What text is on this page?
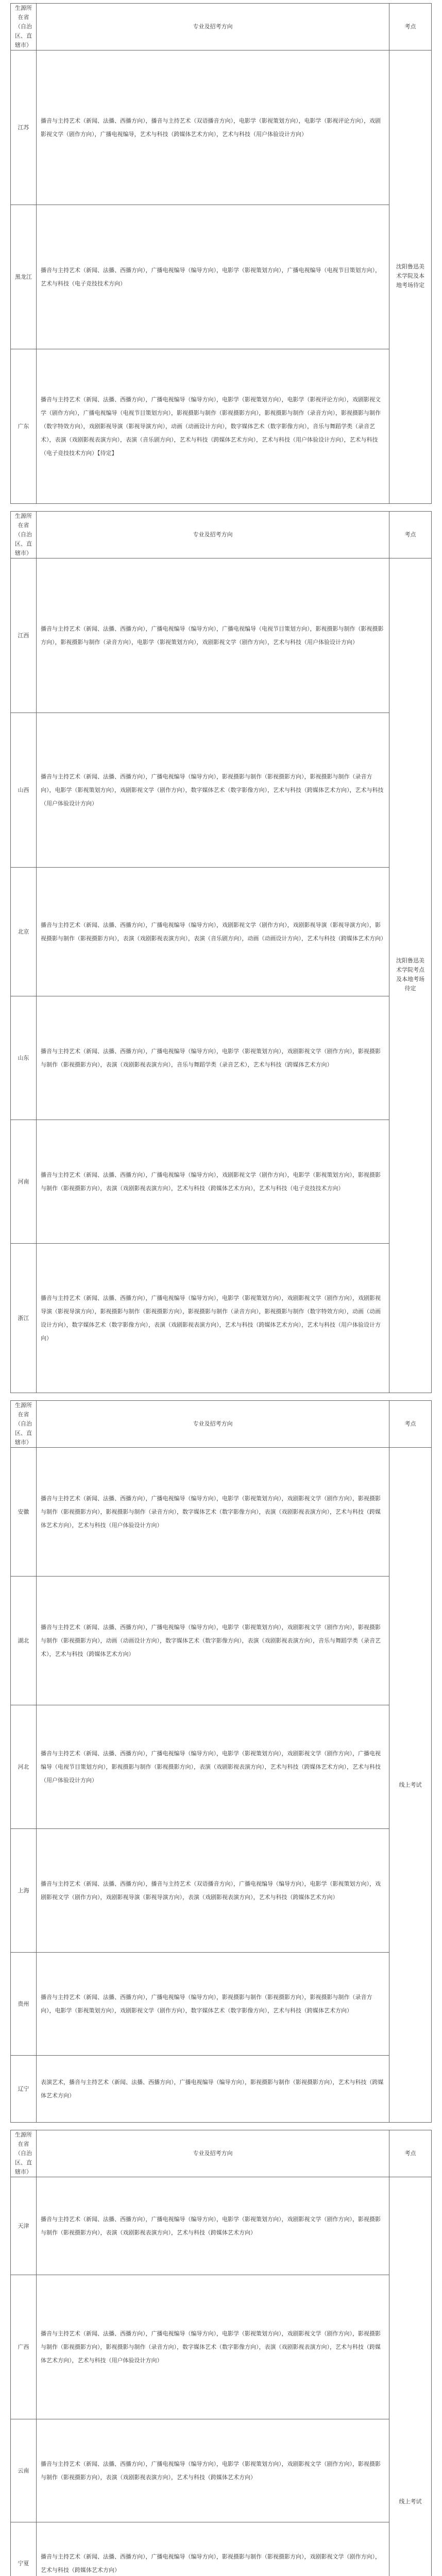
生源所在省（自治区、直辖市）	专业及招考方向	考点
江苏	播音与主持艺术（新闻、法播、西播方向），播音与主持艺术（双语播音方向），电影学（影视策划方向），电影学（影视评论方向），戏剧影视文学（剧作方向），广播电视编导，艺术与科技（跨媒体艺术方向），艺术与科技（用户体验设计方向）	沈阳鲁迅美术学院及本地考场待定
黑龙江	播音与主持艺术（新闻、法播、西播方向），广播电视编导（编导方向），电影学（影视策划方向），广播电视编导（电视节目策划方向），艺术与科技（电子竞技技术方向）	
广东	播音与主持艺术（新闻、法播、西播方向），广播电视编导（编导方向），电影学（影视策划方向），电影学（影视评论方向），戏剧影视文学（剧作方向），广播电视编导（电视节目策划方向），影视摄影与制作（影视摄影方向），影视摄影与制作（录音方向），影视摄影与制作（数字特效方向），戏剧影视导演（影视导演方向），动画（动画设计方向），数字媒体艺术（数字影像方向），音乐与舞蹈学类（录音艺术），表演（戏剧影视表演方向），表演（音乐剧方向），艺术与科技（跨媒体艺术方向），艺术与科技（用户体验设计方向），艺术与科技（电子竞技技术方向）【待定】	
生源所在省（自治区、直辖市）	专业及招考方向	考点
江西	播音与主持艺术（新闻、法播、西播方向），广播电视编导（编导方向），广播电视编导（电视节目策划方向），影视摄影与制作（影视摄影方向），影视摄影与制作（录音方向），电影学（影视策划方向），戏剧影视文学（剧作方向），艺术与科技（用户体验设计方向）	沈阳鲁迅美术学院考点及本地考场待定
山西	播音与主持艺术（新闻、法播、西播方向），广播电视编导（编导方向），影视摄影与制作（影视摄影方向），影视摄影与制作（录音方向），电影学（影视策划方向），戏剧影视文学（剧作方向），数字媒体艺术（数字影像方向），艺术与科技（跨媒体艺术方向），艺术与科技（用户体验设计方向）	
北京	播音与主持艺术（新闻、法播、西播方向），广播电视编导（编导方向），戏剧影视文学（剧作方向），戏剧影视导演（影视导演方向），影视摄影与制作（影视摄影方向），表演（戏剧影视表演方向），表演（音乐剧方向），动画（动画设计方向），艺术与科技（跨媒体艺术方向）	
山东	播音与主持艺术（新闻、法播、西播方向），广播电视编导（编导方向），电影学（影视策划方向），戏剧影视文学（剧作方向），影视摄影与制作（影视摄影方向），表演（戏剧影视表演方向），音乐与舞蹈学类（录音艺术），艺术与科技（跨媒体艺术方向）	
河南	播音与主持艺术（新闻、法播、西播方向），广播电视编导（编导方向），戏剧影视文学（剧作方向），电影学（影视策划方向），影视摄影与制作（影视摄影方向），表演（戏剧影视表演方向），艺术与科技（跨媒体艺术方向），艺术与科技（电子竞技技术方向）	
浙江	播音与主持艺术（新闻、法播、西播方向），广播电视编导（编导方向），电影学（影视策划方向），戏剧影视文学（剧作方向），戏剧影视导演（影视导演方向），影视摄影与制作（影视摄影方向），影视摄影与制作（录音方向），影视摄影与制作（数字特效方向），动画（动画设计方向），数字媒体艺术（数字影像方向），表演（戏剧影视表演方向），艺术与科技（跨媒体艺术方向），艺术与科技（用户体验设计方向）	
生源所在省（自治区、直辖市）	专业及招考方向	考点
安徽	播音与主持艺术（新闻、法播、西播方向），广播电视编导（编导方向），电影学（影视策划方向），戏剧影视文学（剧作方向），影视摄影与制作（影视摄影方向），影视摄影与制作（录音方向），数字媒体艺术（数字影像方向），表演（戏剧影视表演方向），艺术与科技（跨媒体艺术方向），艺术与科技（用户体验设计方向）	线上考试
湖北	播音与主持艺术（新闻、法播、西播方向），广播电视编导（编导方向），电影学（影视策划方向），戏剧影视文学（剧作方向），影视摄影与制作（影视摄影方向），动画（动画设计方向），数字媒体艺术（数字影像方向），表演（戏剧影视表演方向），音乐与舞蹈学类（录音艺术），艺术与科技（跨媒体艺术方向）	
河北	播音与主持艺术（新闻、法播、西播方向），广播电视编导（编导方向），电影学（影视策划方向），戏剧影视文学（剧作方向），广播电视编导（电视节目策划方向），影视摄影与制作（影视摄影方向），表演（戏剧影视表演方向），艺术与科技（跨媒体艺术方向），艺术与科技（用户体验设计方向）	
上海	播音与主持艺术（新闻、法播、西播方向），播音与主持艺术（双语播音方向），广播电视编导（编导方向），电影学（影视策划方向），戏剧影视文学（剧作方向），戏剧影视导演（影视导演方向），表演（戏剧影视表演方向），艺术与科技（跨媒体艺术方向）	
贵州	播音与主持艺术（新闻、法播、西播方向），广播电视编导（编导方向），影视摄影与制作（影视摄影方向），影视摄影与制作（录音方向），电影学（影视策划方向），戏剧影视文学（剧作方向），数字媒体艺术（数字影像方向），艺术与科技（跨媒体艺术方向）	
辽宁	表演艺术，播音与主持艺术（新闻、法播、西播方向），广播电视编导（编导方向），影视摄影与制作（影视摄影方向），艺术与科技（跨媒体艺术方向）	
生源所在省（自治区、直辖市）	专业及招考方向	考点
天津	播音与主持艺术（新闻、法播、西播方向），广播电视编导（编导方向），电影学（影视策划方向），戏剧影视文学（剧作方向），影视摄影与制作（影视摄影方向），表演（戏剧影视表演方向），艺术与科技（跨媒体艺术方向）	线上考试
广西	播音与主持艺术（新闻、法播、西播方向），广播电视编导（编导方向），电影学（影视策划方向），戏剧影视文学（剧作方向），影视摄影与制作（影视摄影方向），影视摄影与制作（录音方向），数字媒体艺术（数字影像方向），表演（戏剧影视表演方向），艺术与科技（跨媒体艺术方向），艺术与科技（用户体验设计方向）	
云南	播音与主持艺术（新闻、法播、西播方向），广播电视编导（编导方向），电影学（影视策划方向），戏剧影视文学（剧作方向），影视摄影与制作（影视摄影方向），表演（戏剧影视表演方向），艺术与科技（跨媒体艺术方向）	
宁夏	播音与主持艺术（新闻、法播、西播方向），广播电视编导（编导方向），影视摄影与制作（影视摄影方向），戏剧影视文学（剧作方向），艺术与科技（跨媒体艺术方向）	
